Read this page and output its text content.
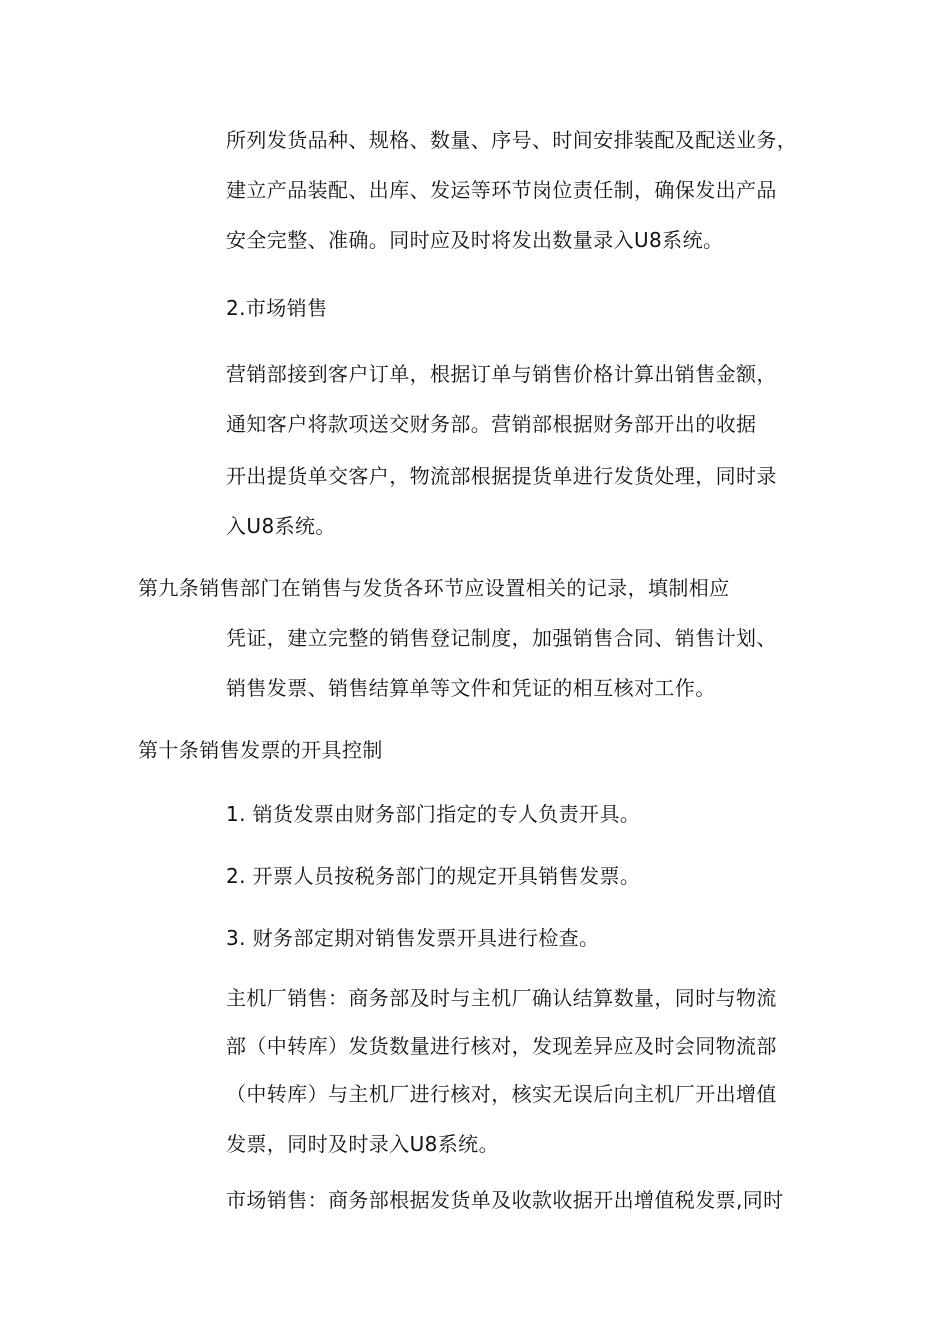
所列发货品种、规格、数量、序号、时间安排装配及配送业务，
建立产品装配、出库、发运等环节岗位责任制，确保发出产品
安全完整、准确。同时应及时将发出数量录入U8系统。
2.市场销售
营销部接到客户订单，根据订单与销售价格计算出销售金额，
通知客户将款项送交财务部。营销部根据财务部开出的收据
开出提货单交客户，物流部根据提货单进行发货处理，同时录
入U8系统。
第九条销售部门在销售与发货各环节应设置相关的记录，填制相应
凭证，建立完整的销售登记制度，加强销售合同、销售计划、
销售发票、销售结算单等文件和凭证的相互核对工作。
第十条销售发票的开具控制
1. 销货发票由财务部门指定的专人负责开具。
2. 开票人员按税务部门的规定开具销售发票。
3. 财务部定期对销售发票开具进行检查。
主机厂销售：商务部及时与主机厂确认结算数量，同时与物流
部（中转库）发货数量进行核对，发现差异应及时会同物流部
（中转库）与主机厂进行核对，核实无误后向主机厂开出增值
发票，同时及时录入U8系统。
市场销售：商务部根据发货单及收款收据开出增值税发票,同时
